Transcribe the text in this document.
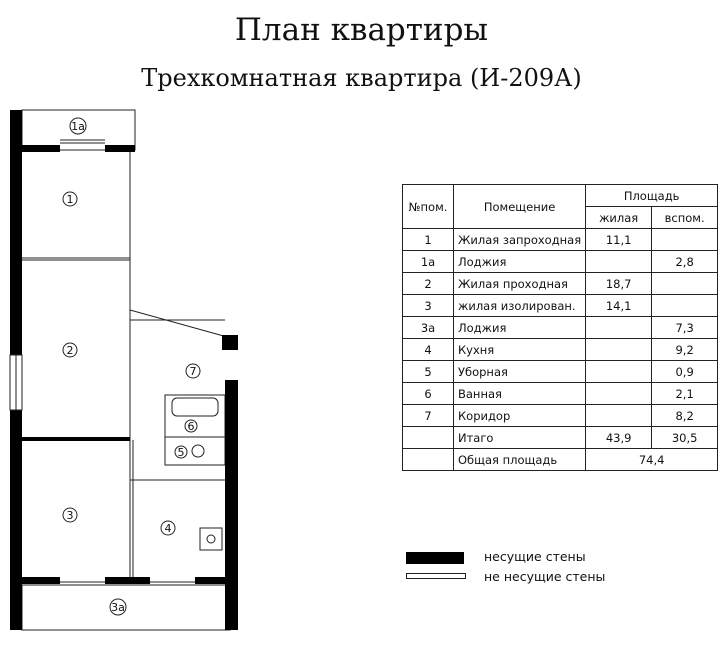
План квартиры
Трехкомнатная квартира (И-209А)
1
1а
2
3
3а
4
5
6
7
№пом.	Помещение	Площадь	
		жилая	вспом.
1	Жилая запроходная	11,1	
1а	Лоджия		2,8
2	Жилая проходная	18,7	
3	жилая изолирован.	14,1	
3а	Лоджия		7,3
4	Кухня		9,2
5	Уборная		0,9
6	Ванная		2,1
7	Коридор		8,2
	Итаго	43,9	30,5
	Общая площадь	74,4	
несущие стены
не несущие стены
